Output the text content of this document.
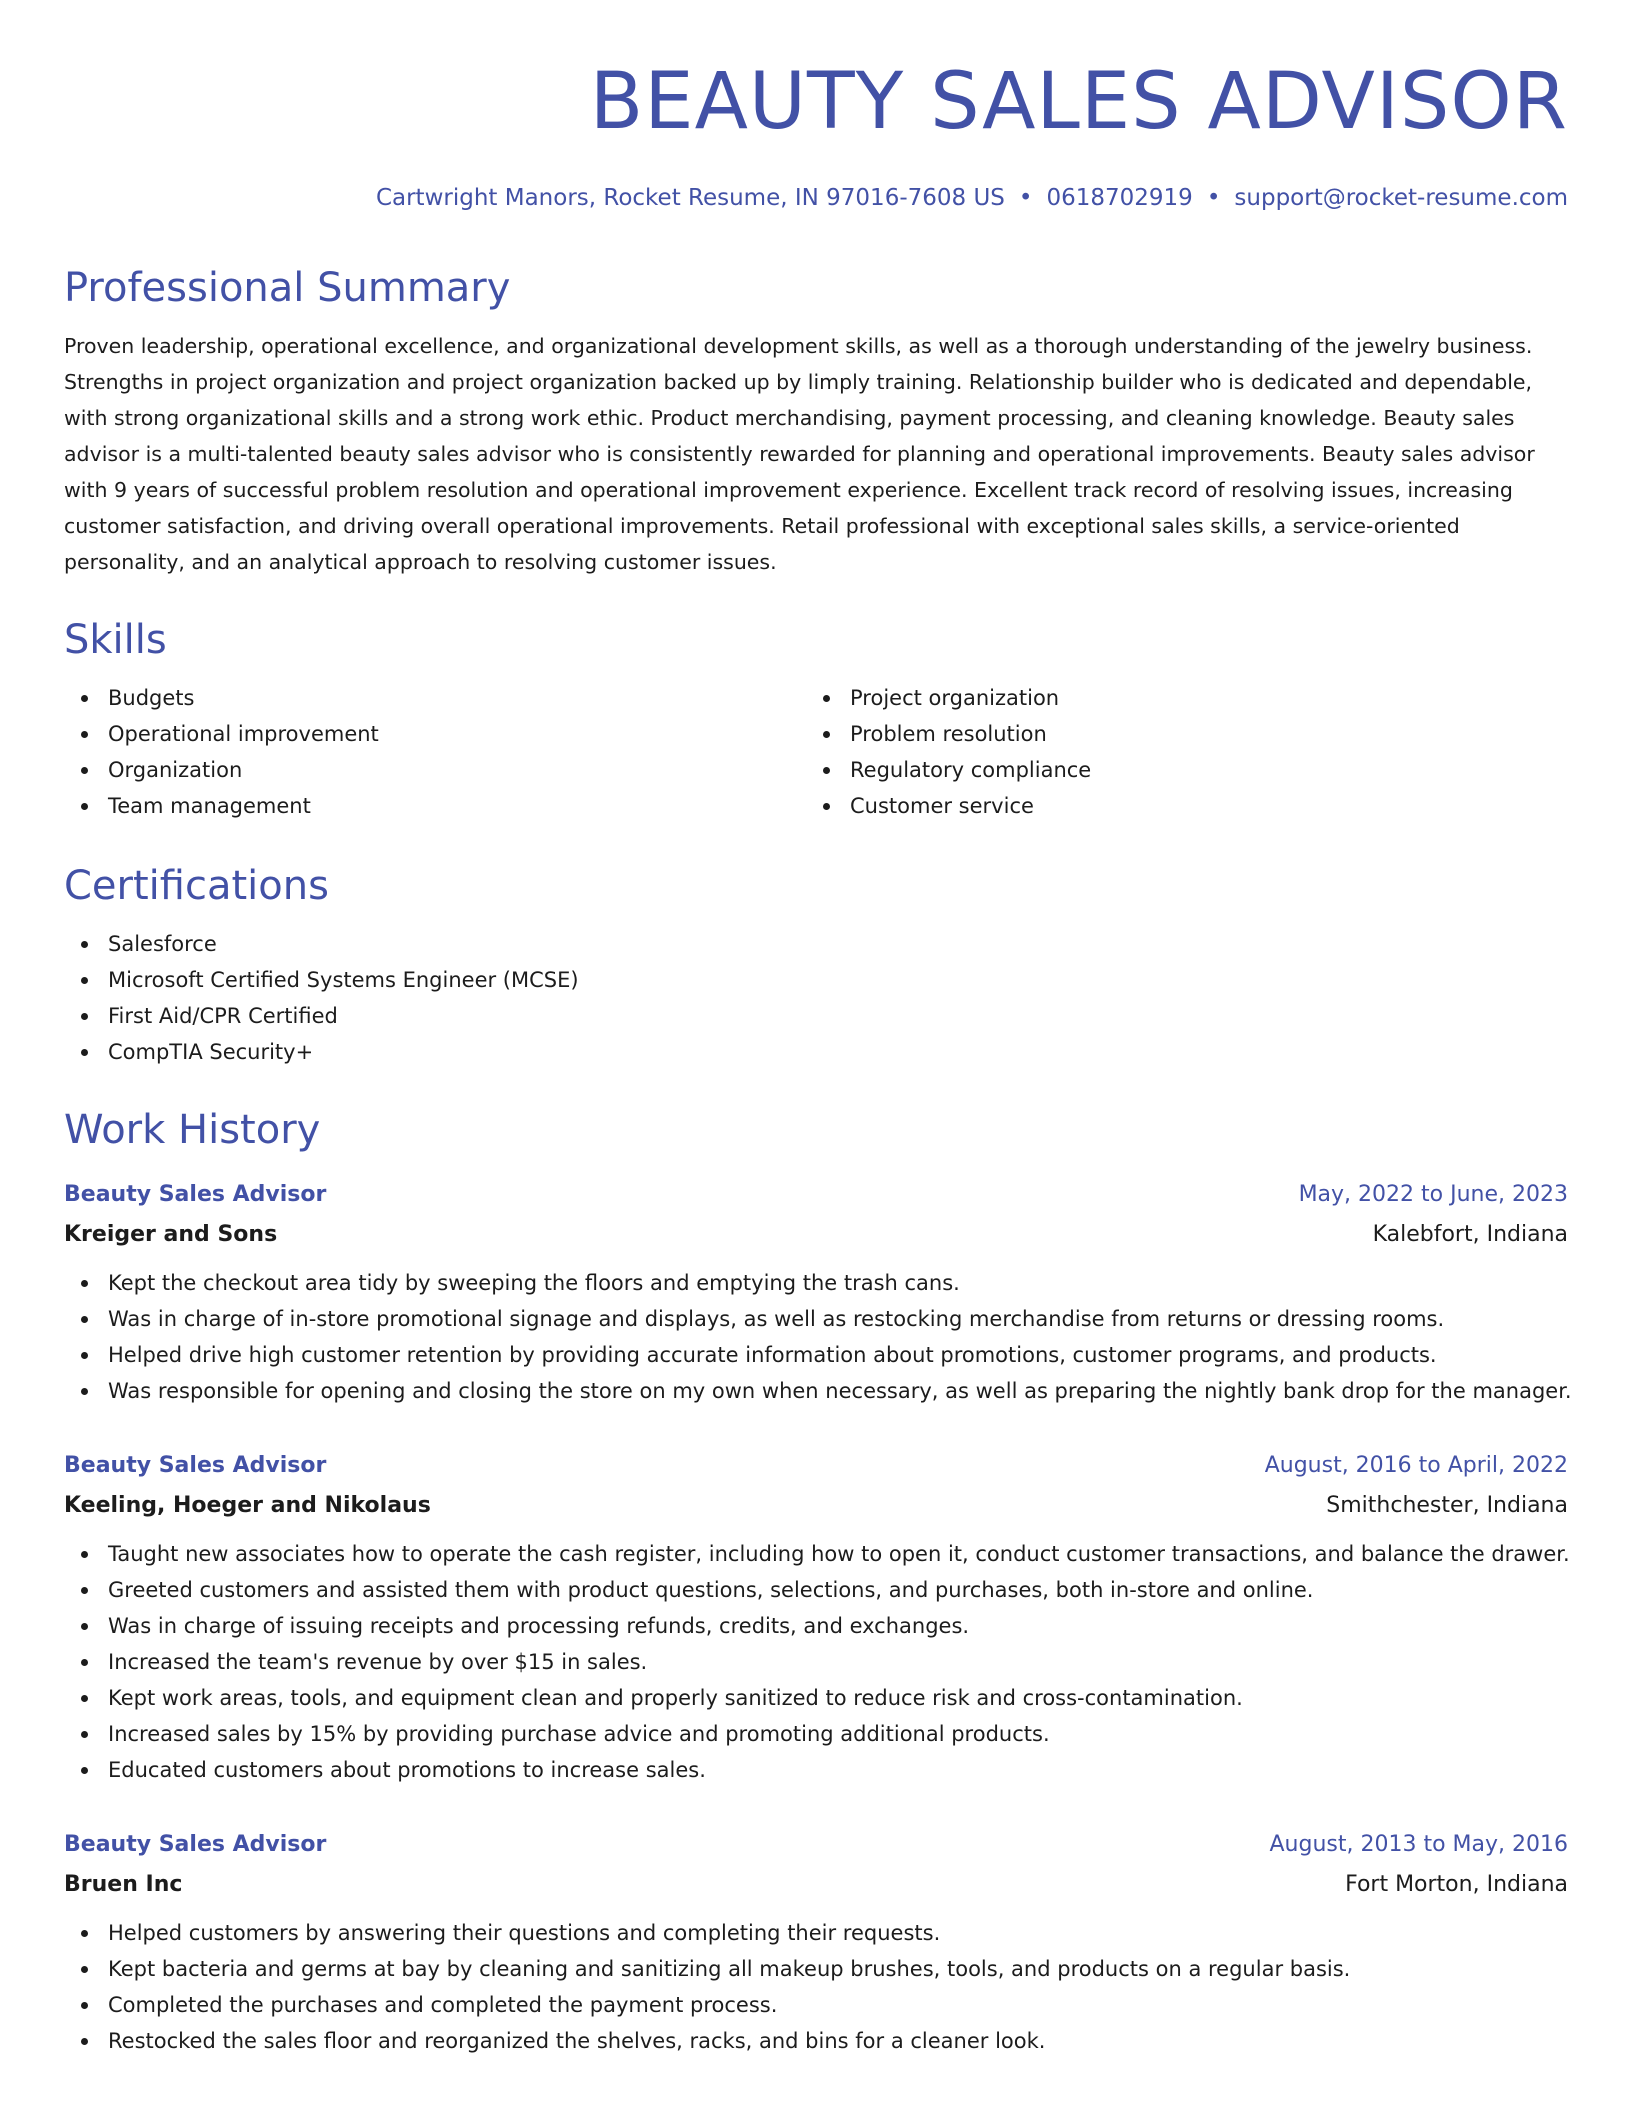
BEAUTY SALES ADVISOR
Cartwright Manors, Rocket Resume, IN 97016-7608 US • 0618702919 • support@rocket-resume.com
Professional Summary

Proven leadership, operational excellence, and organizational development skills, as well as a thorough understanding of the jewelry business. Strengths in project organization and project organization backed up by limply training. Relationship builder who is dedicated and dependable, with strong organizational skills and a strong work ethic. Product merchandising, payment processing, and cleaning knowledge. Beauty sales advisor is a multi-talented beauty sales advisor who is consistently rewarded for planning and operational improvements. Beauty sales advisor with 9 years of successful problem resolution and operational improvement experience. Excellent track record of resolving issues, increasing customer satisfaction, and driving overall operational improvements. Retail professional with exceptional sales skills, a service-oriented personality, and an analytical approach to resolving customer issues.

Skills
Budgets
Operational improvement
Organization
Team management
Project organization
Problem resolution
Regulatory compliance
Customer service
Certifications
Salesforce
Microsoft Certified Systems Engineer (MCSE)
First Aid/CPR Certified
CompTIA Security+
Work History
Beauty Sales Advisor	May, 2022 to June, 2023
Kreiger and Sons	Kalebfort, Indiana
Kept the checkout area tidy by sweeping the floors and emptying the trash cans.
Was in charge of in-store promotional signage and displays, as well as restocking merchandise from returns or dressing rooms.
Helped drive high customer retention by providing accurate information about promotions, customer programs, and products.
Was responsible for opening and closing the store on my own when necessary, as well as preparing the nightly bank drop for the manager.
Beauty Sales Advisor	August, 2016 to April, 2022
Keeling, Hoeger and Nikolaus	Smithchester, Indiana
Taught new associates how to operate the cash register, including how to open it, conduct customer transactions, and balance the drawer.
Greeted customers and assisted them with product questions, selections, and purchases, both in-store and online.
Was in charge of issuing receipts and processing refunds, credits, and exchanges.
Increased the team's revenue by over $15 in sales.
Kept work areas, tools, and equipment clean and properly sanitized to reduce risk and cross-contamination.
Increased sales by 15% by providing purchase advice and promoting additional products.
Educated customers about promotions to increase sales.
Beauty Sales Advisor	August, 2013 to May, 2016
Bruen Inc	Fort Morton, Indiana
Helped customers by answering their questions and completing their requests.
Kept bacteria and germs at bay by cleaning and sanitizing all makeup brushes, tools, and products on a regular basis.
Completed the purchases and completed the payment process.
Restocked the sales floor and reorganized the shelves, racks, and bins for a cleaner look.
